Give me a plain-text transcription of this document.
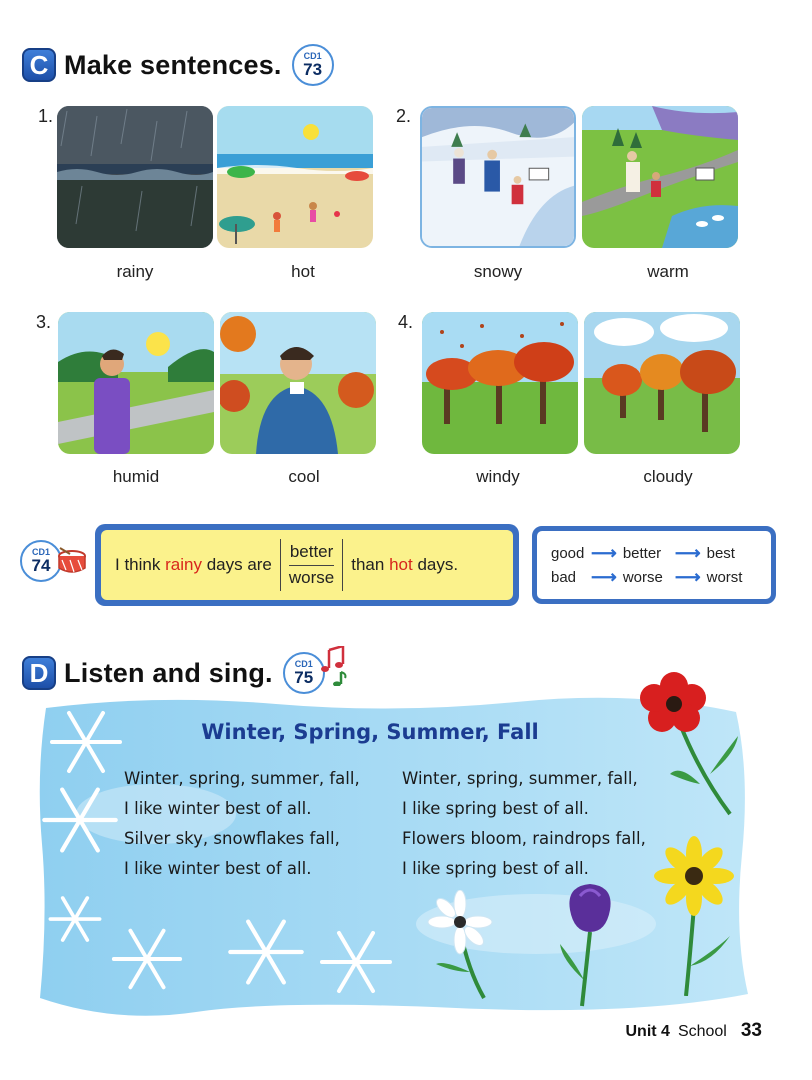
C Make sentences. CD1
73
1.	2.
rainy	hot	snowy	warm
3.	4.
humid	cool	windy	cloudy
CD1
74	I think
rainy
days are
better
worse
than
hot
days.
good ⟶ better ⟶ best
bad ⟶ worse ⟶ worst
D Listen and sing. CD1
75
Winter, Spring, Summer, Fall
Winter, spring, summer, fall,
I like winter best of all.
Silver sky, snowflakes fall,
I like winter best of all.
Winter, spring, summer, fall,
I like spring best of all.
Flowers bloom, raindrops fall,
I like spring best of all.
Unit 4 School 33
